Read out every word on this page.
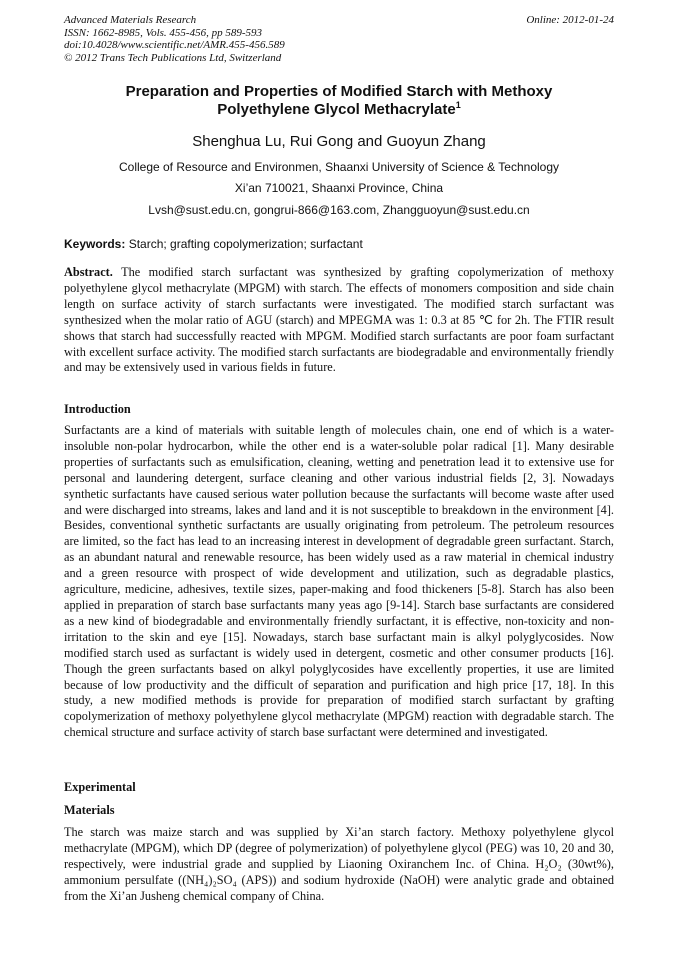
Advanced Materials Research
ISSN: 1662-8985, Vols. 455-456, pp 589-593
doi:10.4028/www.scientific.net/AMR.455-456.589
© 2012 Trans Tech Publications Ltd, Switzerland
Online: 2012-01-24
Preparation and Properties of Modified Starch with Methoxy
Polyethylene Glycol Methacrylate$^1$
Shenghua Lu, Rui Gong and Guoyun Zhang
College of Resource and Environmen, Shaanxi University of Science & Technology
Xi’an 710021, Shaanxi Province, China
Lvsh@sust.edu.cn, gongrui-866@163.com, Zhangguoyun@sust.edu.cn
Keywords: Starch; grafting copolymerization; surfactant

Abstract. The modified starch surfactant was synthesized by grafting copolymerization of methoxy polyethylene glycol methacrylate (MPGM) with starch. The effects of monomers composition and side chain length on surface activity of starch surfactants were investigated. The modified starch surfactant was synthesized when the molar ratio of AGU (starch) and MPEGMA was 1: 0.3 at 85 ℃ for 2h. The FTIR result shows that starch had successfully reacted with MPGM. Modified starch surfactants are poor foam surfactant with excellent surface activity. The modified starch surfactants are biodegradable and environmentally friendly and may be extensively used in various fields in future.

Introduction

Surfactants are a kind of materials with suitable length of molecules chain, one end of which is a water-insoluble non-polar hydrocarbon, while the other end is a water-soluble polar radical [1]. Many desirable properties of surfactants such as emulsification, cleaning, wetting and penetration lead it to extensive use for personal and laundering detergent, surface cleaning and other various industrial fields [2, 3]. Nowadays synthetic surfactants have caused serious water pollution because the surfactants will become waste after used and were discharged into streams, lakes and land and it is not susceptible to breakdown in the environment [4]. Besides, conventional synthetic surfactants are usually originating from petroleum. The petroleum resources are limited, so the fact has lead to an increasing interest in development of degradable green surfactant. Starch, as an abundant natural and renewable resource, has been widely used as a raw material in chemical industry and a green resource with prospect of wide development and utilization, such as degradable plastics, agriculture, medicine, adhesives, textile sizes, paper-making and food thickeners [5-8]. Starch has also been applied in preparation of starch base surfactants many yeas ago [9-14]. Starch base surfactants are considered as a new kind of biodegradable and environmentally friendly surfactant, it is effective, non-toxicity and non-irritation to the skin and eye [15]. Nowadays, starch base surfactant main is alkyl polyglycosides. Now modified starch used as surfactant is widely used in detergent, cosmetic and other consumer products [16]. Though the green surfactants based on alkyl polyglycosides have excellently properties, it use are limited because of low productivity and the difficult of separation and purification and high price [17, 18]. In this study, a new modified methods is provide for preparation of modified starch surfactant by grafting copolymerization of methoxy polyethylene glycol methacrylate (MPGM) reaction with degradable starch. The chemical structure and surface activity of starch base surfactant were determined and investigated.

Experimental
Materials

The starch was maize starch and was supplied by Xi’an starch factory. Methoxy polyethylene glycol methacrylate (MPGM), which DP (degree of polymerization) of polyethylene glycol (PEG) was 10, 20 and 30, respectively, were industrial grade and supplied by Liaoning Oxiranchem Inc. of China. H₂O₂ (30wt%), ammonium persulfate ((NH₄)₂SO₄ (APS)) and sodium hydroxide (NaOH) were analytic grade and obtained from the Xi’an Jusheng chemical company of China.
